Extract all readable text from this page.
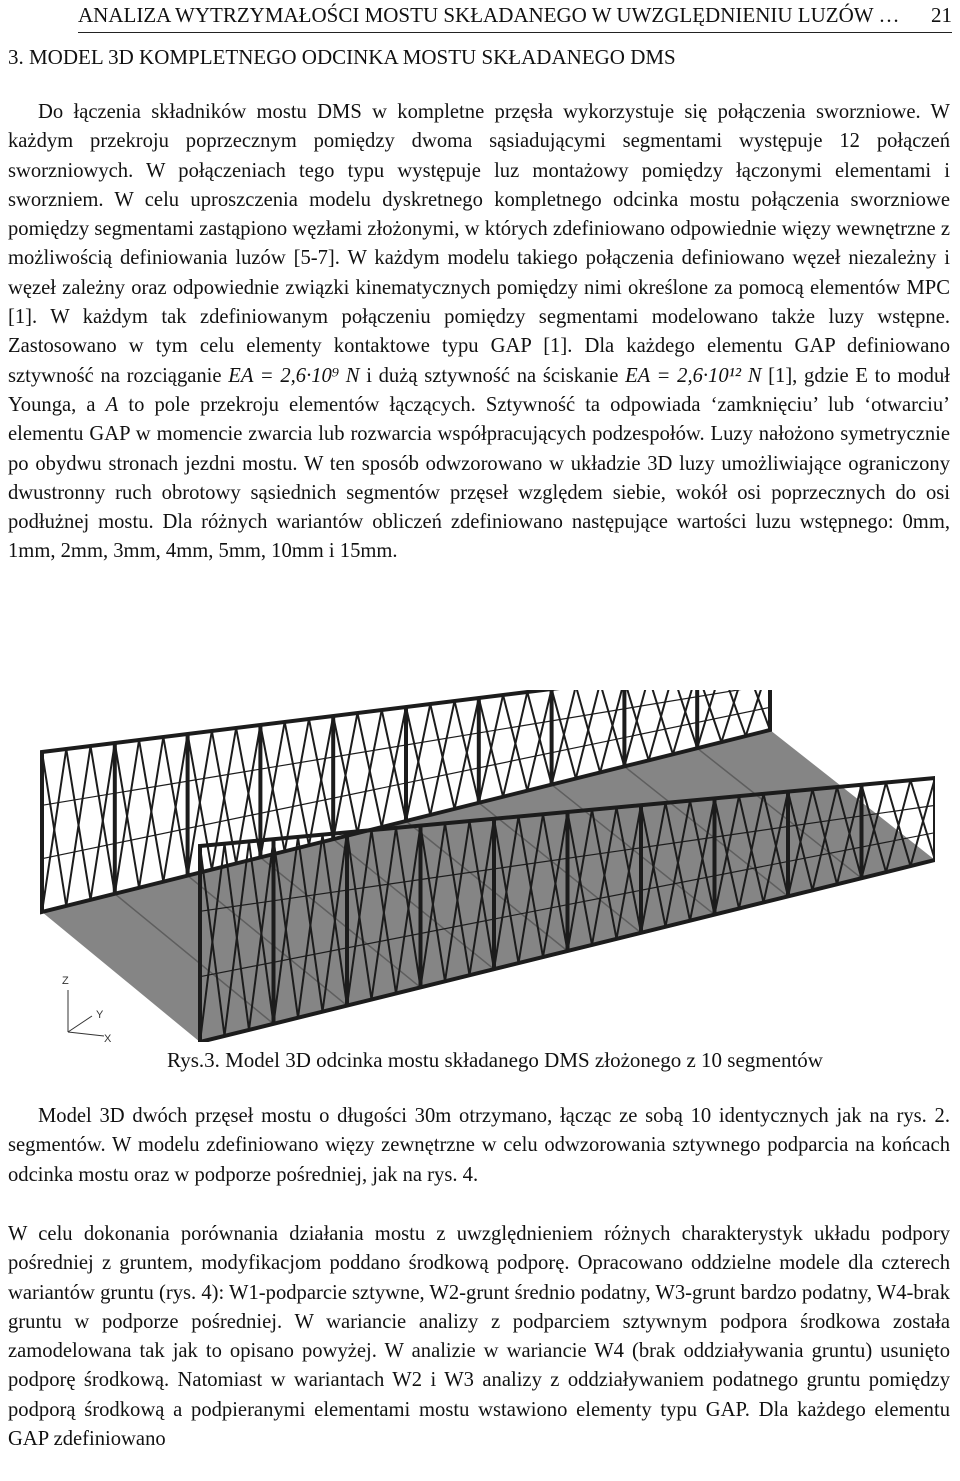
ANALIZA WYTRZYMAŁOŚCI MOSTU SKŁADANEGO W UWZGLĘDNIENIU LUZÓW … 21
3. MODEL 3D KOMPLETNEGO ODCINKA MOSTU SKŁADANEGO DMS

Do łączenia składników mostu DMS w kompletne przęsła wykorzystuje się połączenia sworzniowe. W każdym przekroju poprzecznym pomiędzy dwoma sąsiadującymi segmentami występuje 12 połączeń sworzniowych. W połączeniach tego typu występuje luz montażowy pomiędzy łączonymi elementami i sworzniem. W celu uproszczenia modelu dyskretnego kompletnego odcinka mostu połączenia sworzniowe pomiędzy segmentami zastąpiono węzłami złożonymi, w których zdefiniowano odpowiednie więzy wewnętrzne z możliwością definiowania luzów [5-7]. W każdym modelu takiego połączenia definiowano węzeł niezależny i węzeł zależny oraz odpowiednie związki kinematycznych pomiędzy nimi określone za pomocą elementów MPC [1]. W każdym tak zdefiniowanym połączeniu pomiędzy segmentami modelowano także luzy wstępne. Zastosowano w tym celu elementy kontaktowe typu GAP [1]. Dla każdego elementu GAP definiowano sztywność na rozciąganie EA = 2,6·10⁹ N i dużą sztywność na ściskanie EA = 2,6·10¹² N [1], gdzie E to moduł Younga, a A to pole przekroju elementów łączących. Sztywność ta odpowiada ‘zamknięciu’ lub ‘otwarciu’ elementu GAP w momencie zwarcia lub rozwarcia współpracujących podzespołów. Luzy nałożono symetrycznie po obydwu stronach jezdni mostu. W ten sposób odwzorowano w układzie 3D luzy umożliwiające ograniczony dwustronny ruch obrotowy sąsiednich segmentów przęseł względem siebie, wokół osi poprzecznych do osi podłużnej mostu. Dla różnych wariantów obliczeń zdefiniowano następujące wartości luzu wstępnego: 0mm, 1mm, 2mm, 3mm, 4mm, 5mm, 10mm i 15mm.

Z
Y
X
Rys.3. Model 3D odcinka mostu składanego DMS złożonego z 10 segmentów

Model 3D dwóch przęseł mostu o długości 30m otrzymano, łącząc ze sobą 10 identycznych jak na rys. 2. segmentów. W modelu zdefiniowano więzy zewnętrzne w celu odwzorowania sztywnego podparcia na końcach odcinka mostu oraz w podporze pośredniej, jak na rys. 4.

W celu dokonania porównania działania mostu z uwzględnieniem różnych charakterystyk układu podpory pośredniej z gruntem, modyfikacjom poddano środkową podporę. Opracowano oddzielne modele dla czterech wariantów gruntu (rys. 4): W1-podparcie sztywne, W2-grunt średnio podatny, W3-grunt bardzo podatny, W4-brak gruntu w podporze pośredniej. W wariancie analizy z podparciem sztywnym podpora środkowa została zamodelowana tak jak to opisano powyżej. W analizie w wariancie W4 (brak oddziaływania gruntu) usunięto podporę środkową. Natomiast w wariantach W2 i W3 analizy z oddziaływaniem podatnego gruntu pomiędzy podporą środkową a podpieranymi elementami mostu wstawiono elementy typu GAP. Dla każdego elementu GAP zdefiniowano
